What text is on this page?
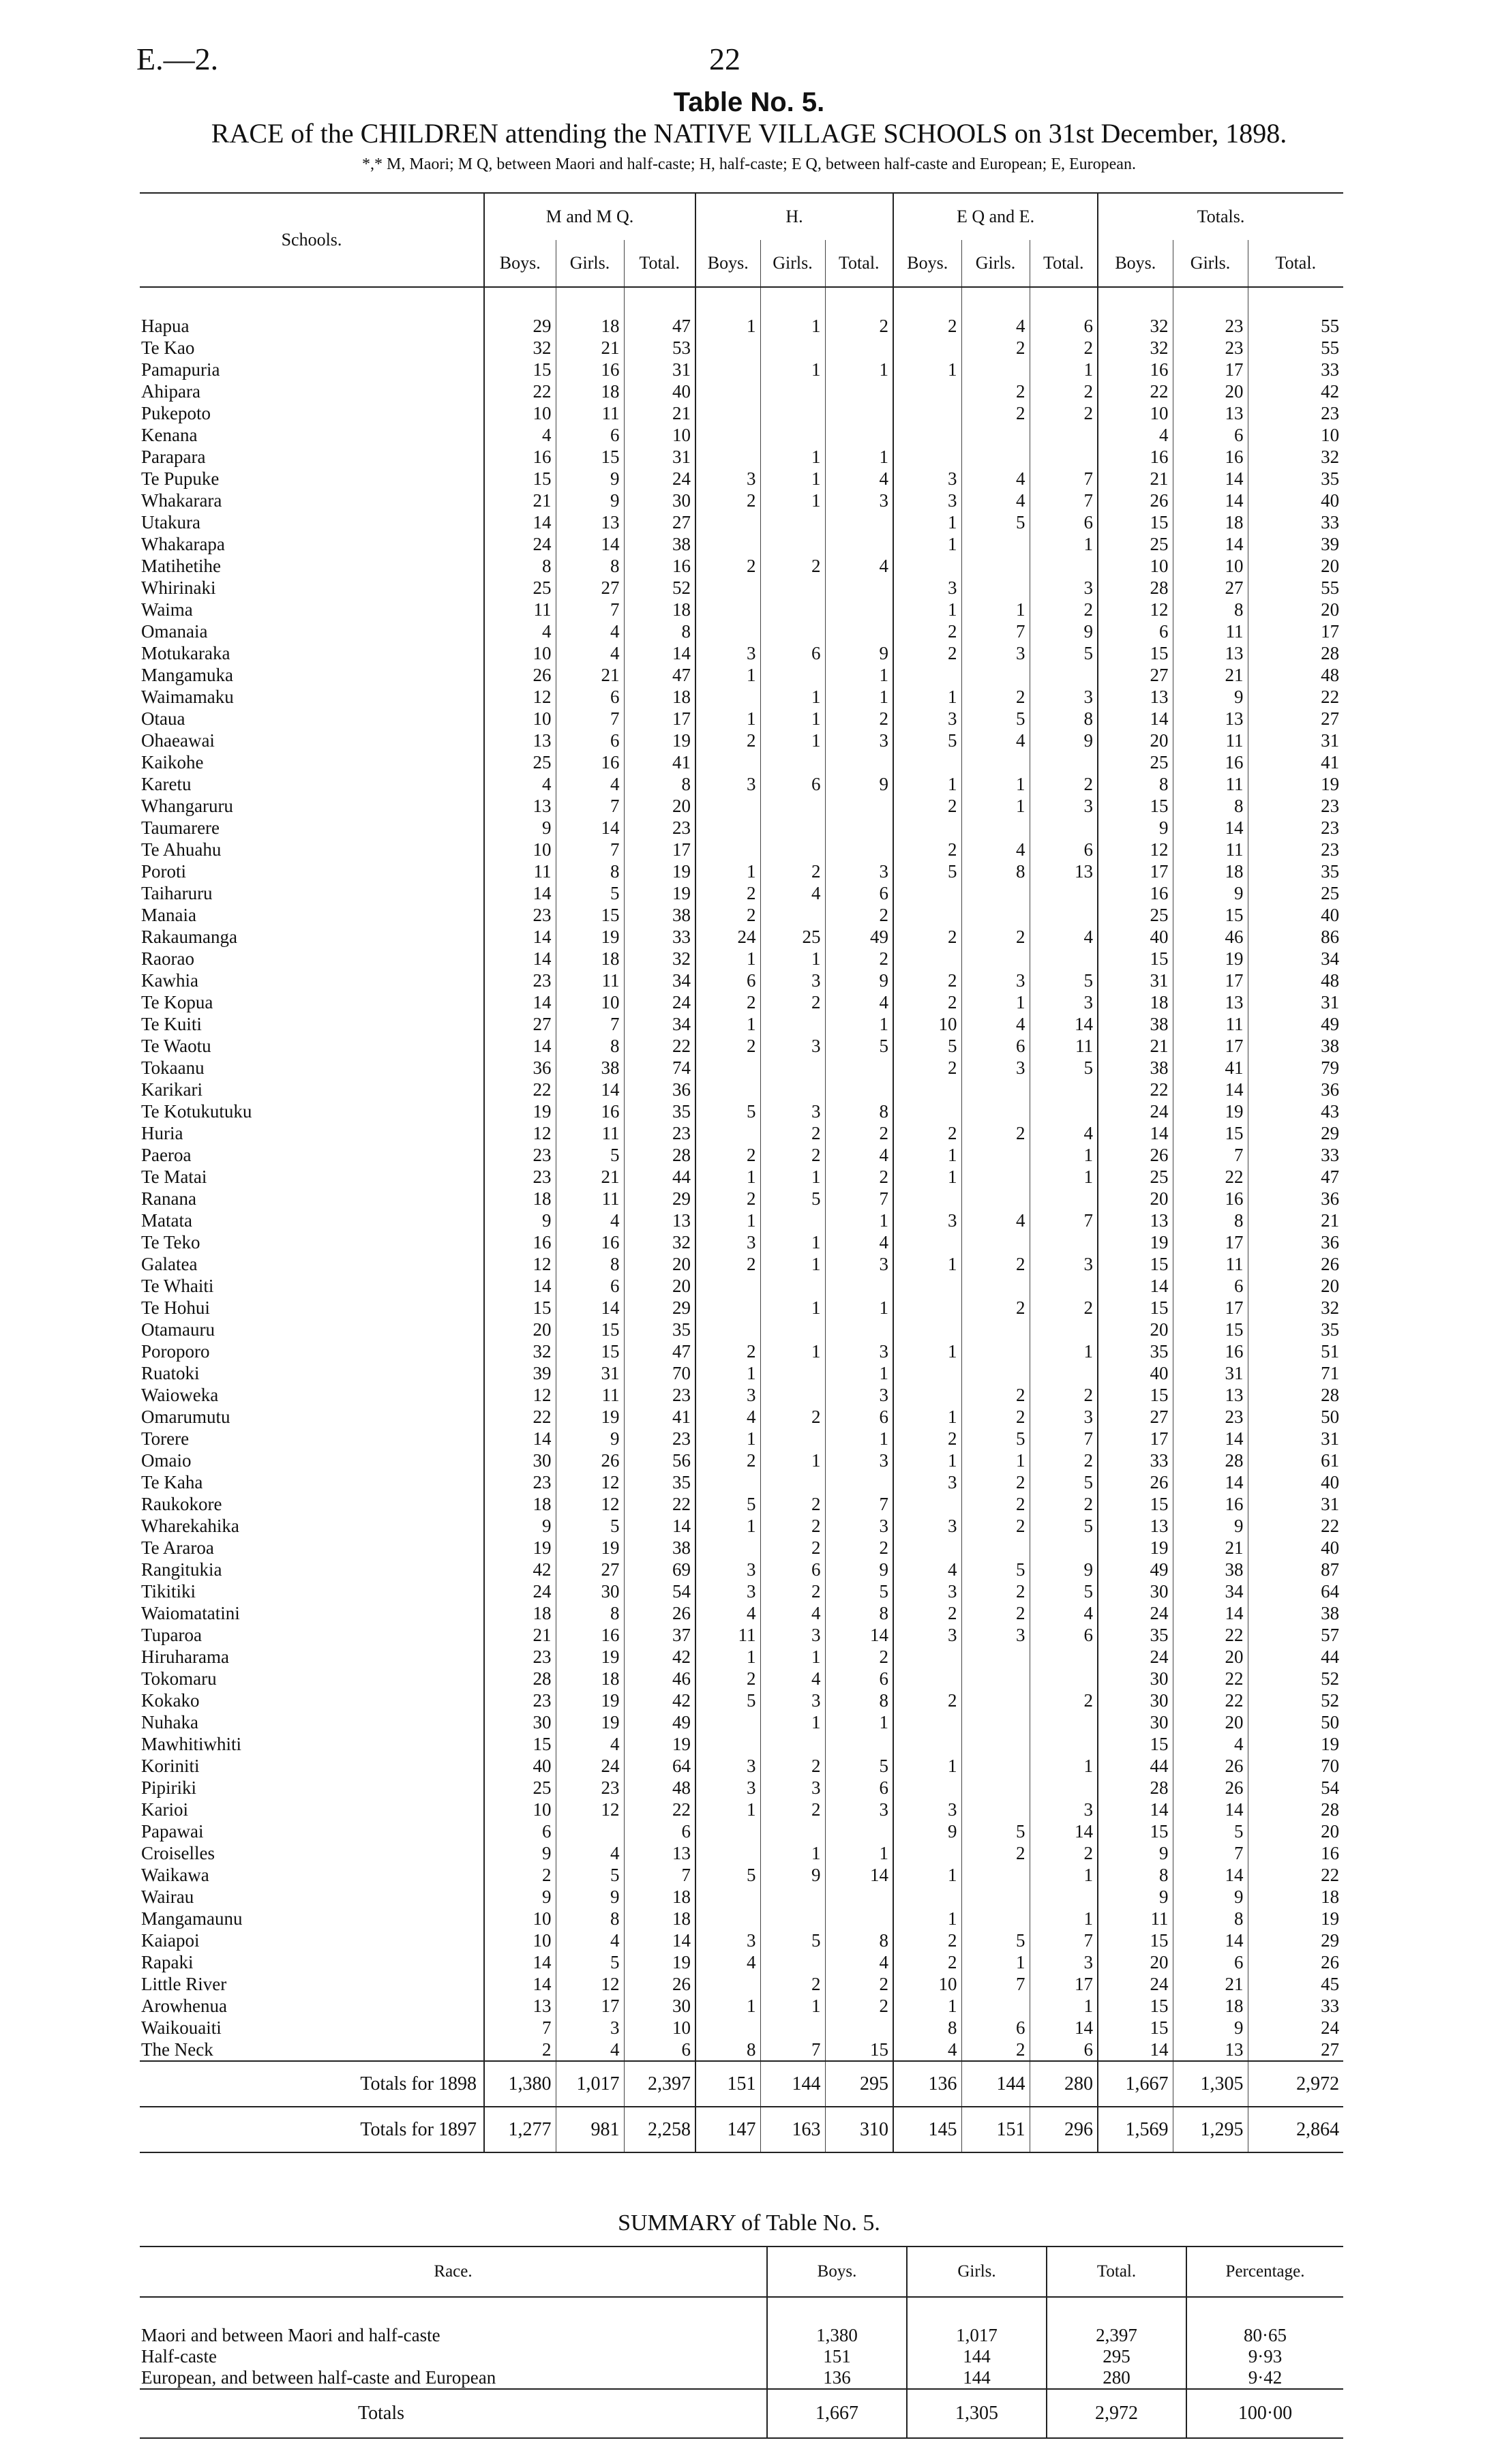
E.—2.	22
Table No. 5.
RACE of the CHILDREN attending the NATIVE VILLAGE SCHOOLS on 31st December, 1898.
*,* M, Maori; M Q, between Maori and half-caste; H, half-caste; E Q, between half-caste and European; E, European.
Schools.	M and M Q.			H.			E Q and E.			Totals.		
	Boys.	Girls.	Total.	Boys.	Girls.	Total.	Boys.	Girls.	Total.	Boys.	Girls.	Total.

Hapua	29	18	47	1	1	2	2	4	6	32	23	55
Te Kao	32	21	53					2	2	32	23	55
Pamapuria	15	16	31		1	1	1		1	16	17	33
Ahipara	22	18	40					2	2	22	20	42
Pukepoto	10	11	21					2	2	10	13	23
Kenana	4	6	10							4	6	10
Parapara	16	15	31		1	1				16	16	32
Te Pupuke	15	9	24	3	1	4	3	4	7	21	14	35
Whakarara	21	9	30	2	1	3	3	4	7	26	14	40
Utakura	14	13	27				1	5	6	15	18	33
Whakarapa	24	14	38				1		1	25	14	39
Matihetihe	8	8	16	2	2	4				10	10	20
Whirinaki	25	27	52				3		3	28	27	55
Waima	11	7	18				1	1	2	12	8	20
Omanaia	4	4	8				2	7	9	6	11	17
Motukaraka	10	4	14	3	6	9	2	3	5	15	13	28
Mangamuka	26	21	47	1		1				27	21	48
Waimamaku	12	6	18		1	1	1	2	3	13	9	22
Otaua	10	7	17	1	1	2	3	5	8	14	13	27
Ohaeawai	13	6	19	2	1	3	5	4	9	20	11	31
Kaikohe	25	16	41							25	16	41
Karetu	4	4	8	3	6	9	1	1	2	8	11	19
Whangaruru	13	7	20				2	1	3	15	8	23
Taumarere	9	14	23							9	14	23
Te Ahuahu	10	7	17				2	4	6	12	11	23
Poroti	11	8	19	1	2	3	5	8	13	17	18	35
Taiharuru	14	5	19	2	4	6				16	9	25
Manaia	23	15	38	2		2				25	15	40
Rakaumanga	14	19	33	24	25	49	2	2	4	40	46	86
Raorao	14	18	32	1	1	2				15	19	34
Kawhia	23	11	34	6	3	9	2	3	5	31	17	48
Te Kopua	14	10	24	2	2	4	2	1	3	18	13	31
Te Kuiti	27	7	34	1		1	10	4	14	38	11	49
Te Waotu	14	8	22	2	3	5	5	6	11	21	17	38
Tokaanu	36	38	74				2	3	5	38	41	79
Karikari	22	14	36							22	14	36
Te Kotukutuku	19	16	35	5	3	8				24	19	43
Huria	12	11	23		2	2	2	2	4	14	15	29
Paeroa	23	5	28	2	2	4	1		1	26	7	33
Te Matai	23	21	44	1	1	2	1		1	25	22	47
Ranana	18	11	29	2	5	7				20	16	36
Matata	9	4	13	1		1	3	4	7	13	8	21
Te Teko	16	16	32	3	1	4				19	17	36
Galatea	12	8	20	2	1	3	1	2	3	15	11	26
Te Whaiti	14	6	20							14	6	20
Te Hohui	15	14	29		1	1		2	2	15	17	32
Otamauru	20	15	35							20	15	35
Poroporo	32	15	47	2	1	3	1		1	35	16	51
Ruatoki	39	31	70	1		1				40	31	71
Waioweka	12	11	23	3		3		2	2	15	13	28
Omarumutu	22	19	41	4	2	6	1	2	3	27	23	50
Torere	14	9	23	1		1	2	5	7	17	14	31
Omaio	30	26	56	2	1	3	1	1	2	33	28	61
Te Kaha	23	12	35				3	2	5	26	14	40
Raukokore	18	12	22	5	2	7		2	2	15	16	31
Wharekahika	9	5	14	1	2	3	3	2	5	13	9	22
Te Araroa	19	19	38		2	2				19	21	40
Rangitukia	42	27	69	3	6	9	4	5	9	49	38	87
Tikitiki	24	30	54	3	2	5	3	2	5	30	34	64
Waiomatatini	18	8	26	4	4	8	2	2	4	24	14	38
Tuparoa	21	16	37	11	3	14	3	3	6	35	22	57
Hiruharama	23	19	42	1	1	2				24	20	44
Tokomaru	28	18	46	2	4	6				30	22	52
Kokako	23	19	42	5	3	8	2		2	30	22	52
Nuhaka	30	19	49		1	1				30	20	50
Mawhitiwhiti	15	4	19							15	4	19
Koriniti	40	24	64	3	2	5	1		1	44	26	70
Pipiriki	25	23	48	3	3	6				28	26	54
Karioi	10	12	22	1	2	3	3		3	14	14	28
Papawai	6		6				9	5	14	15	5	20
Croiselles	9	4	13		1	1		2	2	9	7	16
Waikawa	2	5	7	5	9	14	1		1	8	14	22
Wairau	9	9	18							9	9	18
Mangamaunu	10	8	18				1		1	11	8	19
Kaiapoi	10	4	14	3	5	8	2	5	7	15	14	29
Rapaki	14	5	19	4		4	2	1	3	20	6	26
Little River	14	12	26		2	2	10	7	17	24	21	45
Arowhenua	13	17	30	1	1	2	1		1	15	18	33
Waikouaiti	7	3	10				8	6	14	15	9	24
The Neck	2	4	6	8	7	15	4	2	6	14	13	27
Totals for 1898	1,380	1,017	2,397	151	144	295	136	144	280	1,667	1,305	2,972
Totals for 1897	1,277	981	2,258	147	163	310	145	151	296	1,569	1,295	2,864
SUMMARY of Table No. 5.
Race.	Boys.	Girls.	Total.	Percentage.

Maori and between Maori and half-caste	1,380	1,017	2,397	80·65
Half-caste	151	144	295	9·93
European, and between half-caste and European	136	144	280	9·42
Totals	1,667	1,305	2,972	100·00
